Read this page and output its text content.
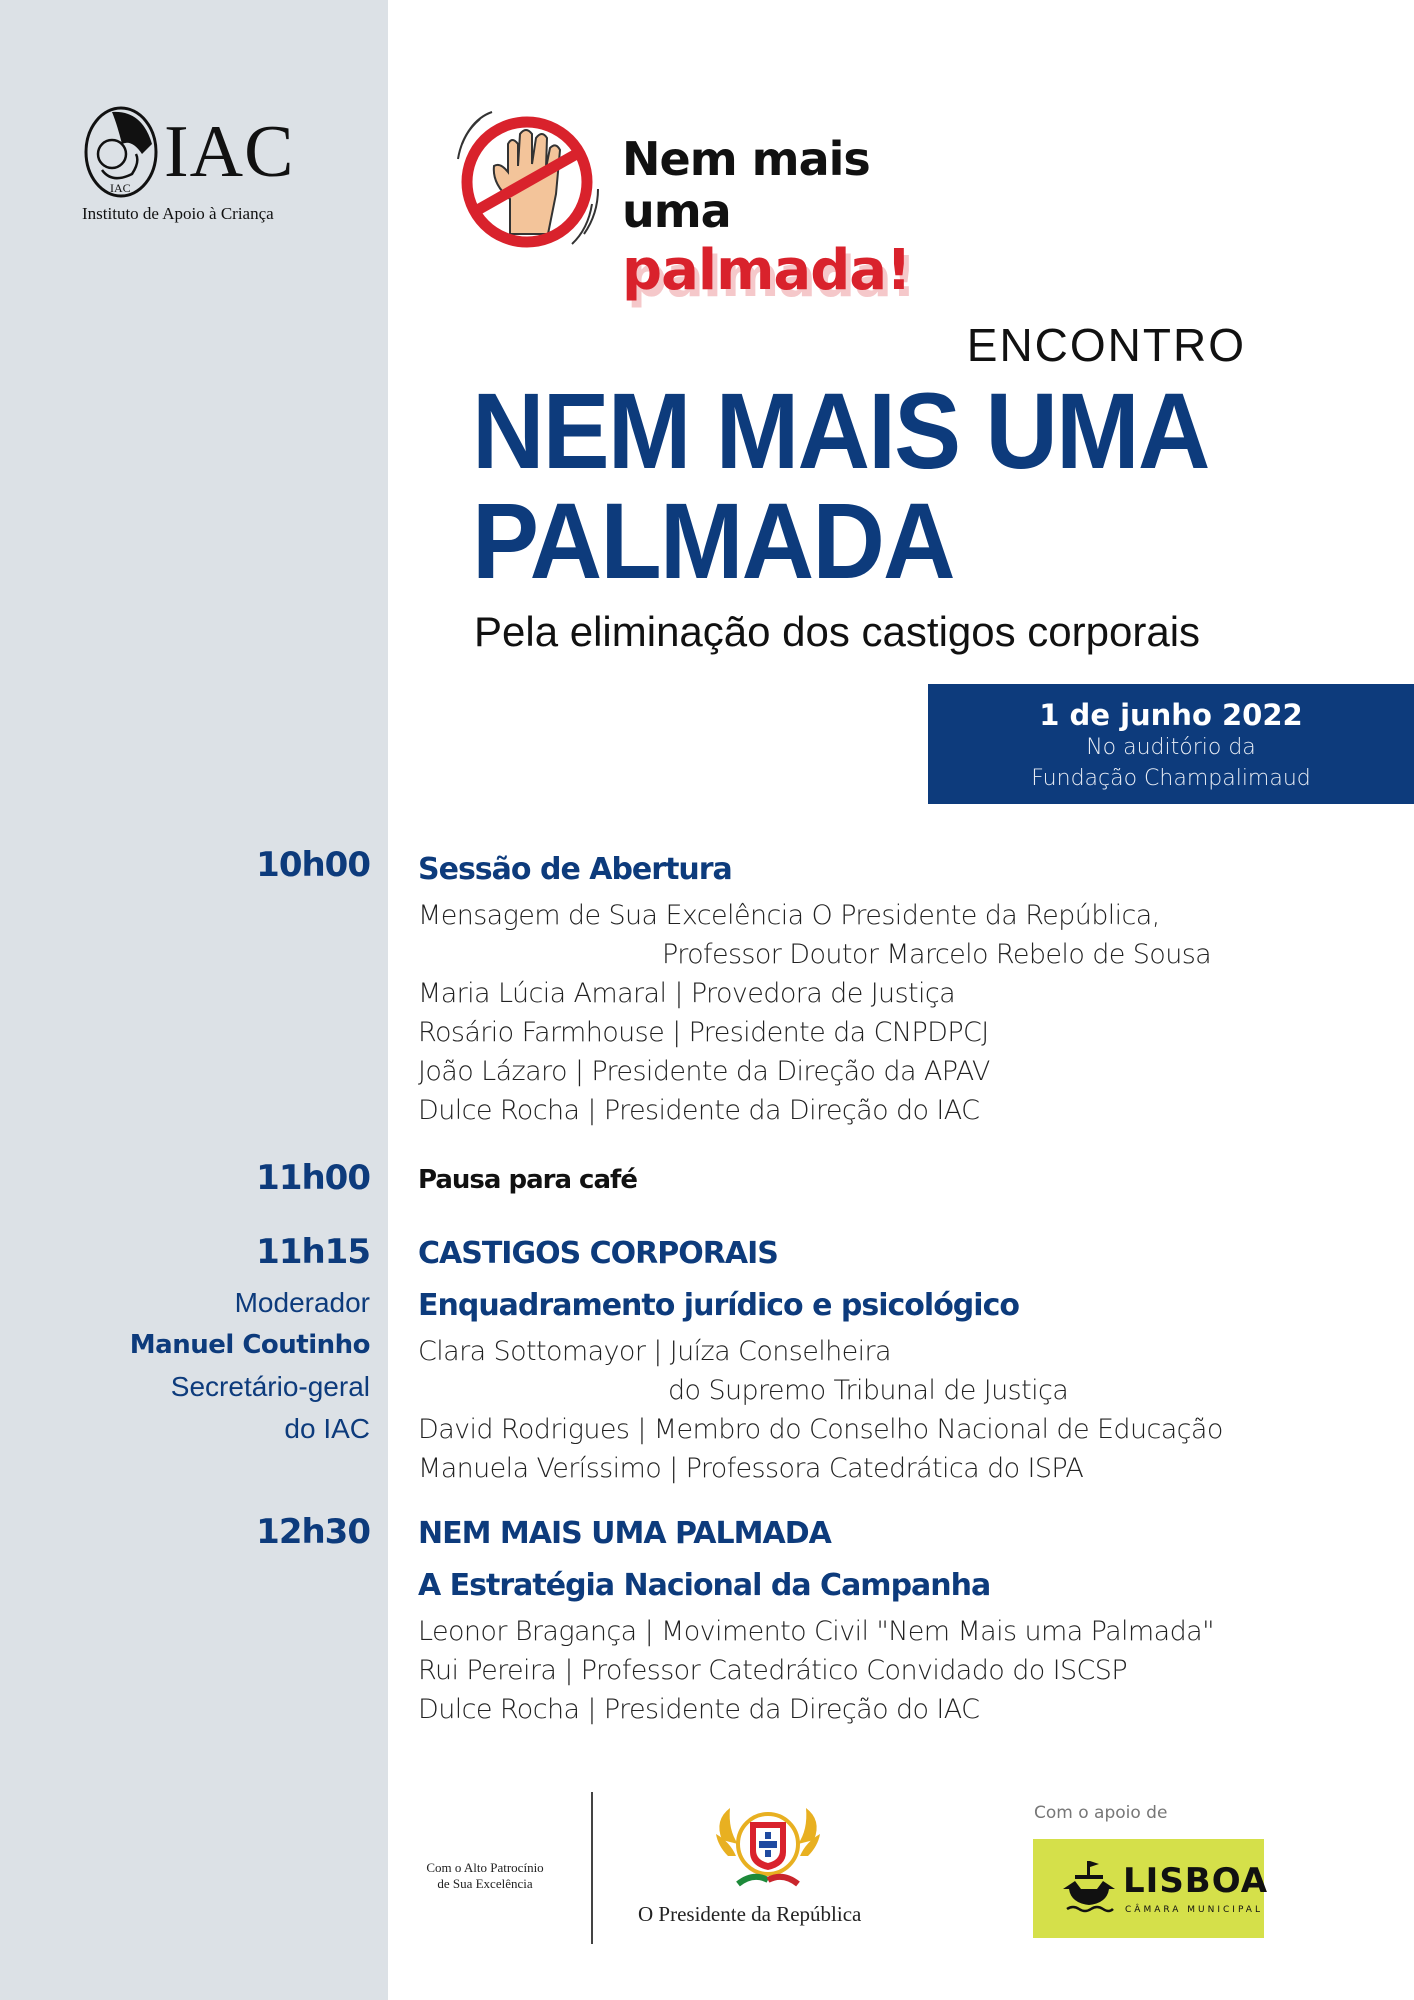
IAC IAC
Instituto de Apoio à Criança
Nem mais
uma palmada!
ENCONTRO
NEM MAIS UMA
PALMADA
Pela eliminação dos castigos corporais
1 de junho 2022
No auditório da
Fundação Champalimaud
10h00 Sessão de Abertura
Mensagem de Sua Excelência O Presidente da República,
Professor Doutor Marcelo Rebelo de Sousa
Maria Lúcia Amaral | Provedora de Justiça
Rosário Farmhouse | Presidente da CNPDPCJ
João Lázaro | Presidente da Direção da APAV
Dulce Rocha | Presidente da Direção do IAC
11h00 Pausa para café
11h15
Moderador
Manuel Coutinho
Secretário-geral
do IAC
CASTIGOS CORPORAIS
Enquadramento jurídico e psicológico
Clara Sottomayor | Juíza Conselheira
do Supremo Tribunal de Justiça
David Rodrigues | Membro do Conselho Nacional de Educação
Manuela Veríssimo | Professora Catedrática do ISPA
12h30 NEM MAIS UMA PALMADA
A Estratégia Nacional da Campanha
Leonor Bragança | Movimento Civil "Nem Mais uma Palmada"
Rui Pereira | Professor Catedrático Convidado do ISCSP
Dulce Rocha | Presidente da Direção do IAC
Com o Alto Patrocínio
de Sua Excelência
O Presidente da República
Com o apoio de
LISBOA
CÂMARA MUNICIPAL
